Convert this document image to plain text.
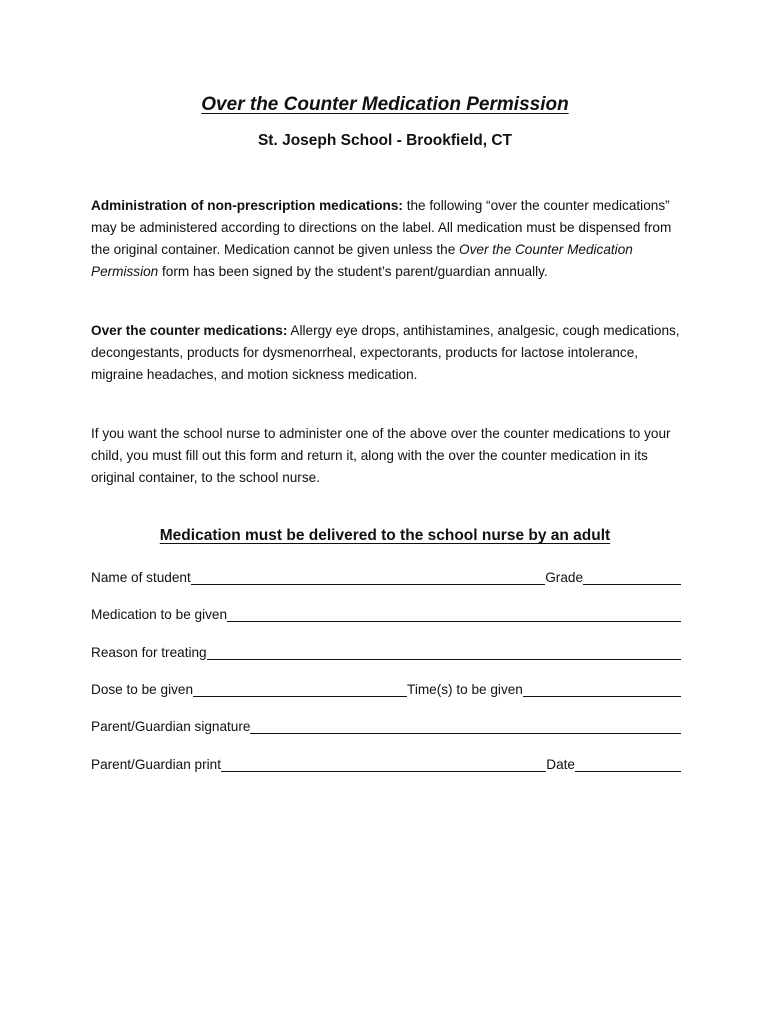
Over the Counter Medication Permission
St. Joseph School - Brookfield, CT
Administration of non-prescription medications: the following “over the counter medications” may be administered according to directions on the label. All medication must be dispensed from the original container. Medication cannot be given unless the Over the Counter Medication Permission form has been signed by the student’s parent/guardian annually.
Over the counter medications: Allergy eye drops, antihistamines, analgesic, cough medications, decongestants, products for dysmenorrheal, expectorants, products for lactose intolerance, migraine headaches, and motion sickness medication.
If you want the school nurse to administer one of the above over the counter medications to your child, you must fill out this form and return it, along with the over the counter medication in its original container, to the school nurse.
Medication must be delivered to the school nurse by an adult
Name of student	Grade
Medication to be given
Reason for treating
Dose to be given	Time(s) to be given
Parent/Guardian signature
Parent/Guardian print	Date
